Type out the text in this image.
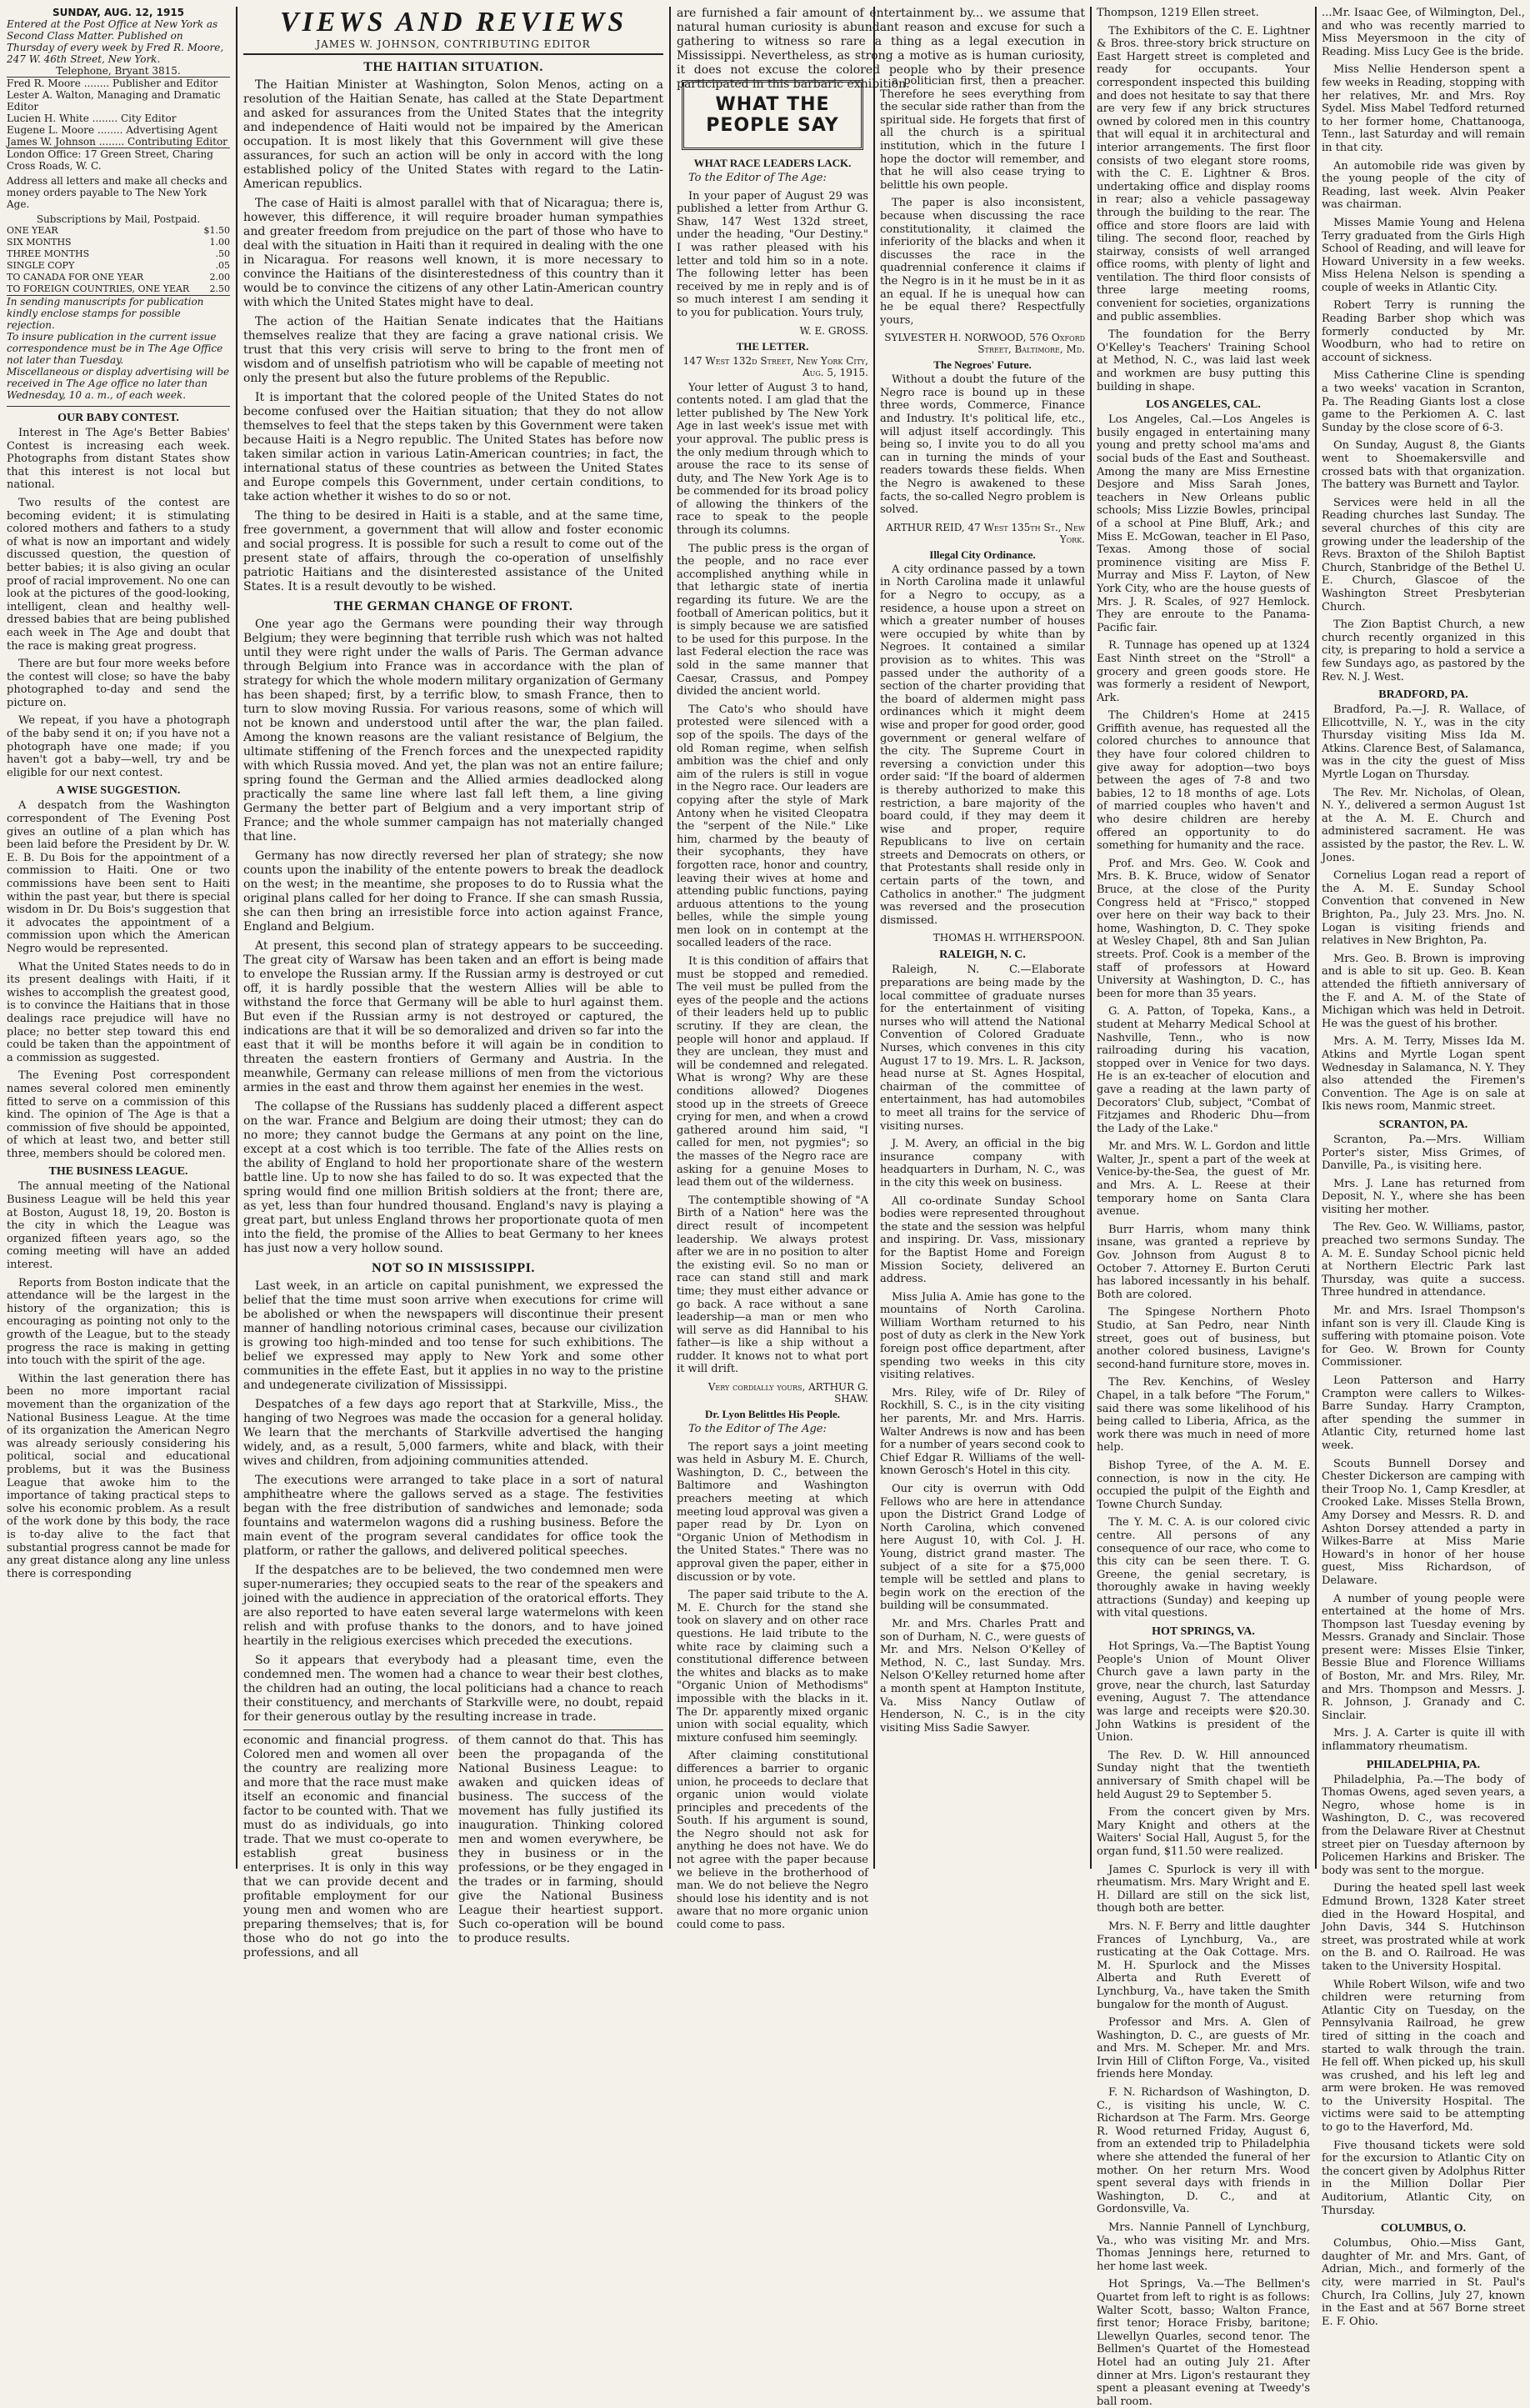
SUNDAY, AUG. 12, 1915
Entered at the Post Office at New York as Second Class Matter. Published on Thursday of every week by Fred R. Moore, 247 W. 46th Street, New York.
Telephone, Bryant 3815.
Fred R. Moore ........ Publisher and Editor
Lester A. Walton, Managing and Dramatic Editor
Lucien H. White ........ City Editor
Eugene L. Moore ........ Advertising Agent
James W. Johnson ........ Contributing Editor
London Office: 17 Green Street, Charing Cross Roads, W. C.
Address all letters and make all checks and money orders payable to The New York Age.
Subscriptions by Mail, Postpaid.
ONE YEAR	$1.50
SIX MONTHS	1.00
THREE MONTHS	.50
SINGLE COPY	.05
TO CANADA FOR ONE YEAR	2.00
TO FOREIGN COUNTRIES, ONE YEAR 2.50
In sending manuscripts for publication kindly enclose stamps for possible rejection.
To insure publication in the current issue correspondence must be in The Age Office not later than Tuesday.
Miscellaneous or display advertising will be received in The Age office no later than Wednesday, 10 a. m., of each week.
OUR BABY CONTEST.

Interest in The Age's Better Babies' Contest is increasing each week. Photographs from distant States show that this interest is not local but national.

Two results of the contest are becoming evident; it is stimulating colored mothers and fathers to a study of what is now an important and widely discussed question, the question of better babies; it is also giving an ocular proof of racial improvement. No one can look at the pictures of the good-looking, intelligent, clean and healthy well-dressed babies that are being published each week in The Age and doubt that the race is making great progress.

There are but four more weeks before the contest will close; so have the baby photographed to-day and send the picture on.

We repeat, if you have a photograph of the baby send it on; if you have not a photograph have one made; if you haven't got a baby—well, try and be eligible for our next contest.

A WISE SUGGESTION.

A despatch from the Washington correspondent of The Evening Post gives an outline of a plan which has been laid before the President by Dr. W. E. B. Du Bois for the appointment of a commission to Haiti. One or two commissions have been sent to Haiti within the past year, but there is special wisdom in Dr. Du Bois's suggestion that it advocates the appointment of a commission upon which the American Negro would be represented.

What the United States needs to do in its present dealings with Haiti, if it wishes to accomplish the greatest good, is to convince the Haitians that in those dealings race prejudice will have no place; no better step toward this end could be taken than the appointment of a commission as suggested.

The Evening Post correspondent names several colored men eminently fitted to serve on a commission of this kind. The opinion of The Age is that a commission of five should be appointed, of which at least two, and better still three, members should be colored men.

THE BUSINESS LEAGUE.

The annual meeting of the National Business League will be held this year at Boston, August 18, 19, 20. Boston is the city in which the League was organized fifteen years ago, so the coming meeting will have an added interest.

Reports from Boston indicate that the attendance will be the largest in the history of the organization; this is encouraging as pointing not only to the growth of the League, but to the steady progress the race is making in getting into touch with the spirit of the age.

Within the last generation there has been no more important racial movement than the organization of the National Business League. At the time of its organization the American Negro was already seriously considering his political, social and educational problems, but it was the Business League that awoke him to the importance of taking practical steps to solve his economic problem. As a result of the work done by this body, the race is to-day alive to the fact that substantial progress cannot be made for any great distance along any line unless there is corresponding

VIEWS AND REVIEWS
JAMES W. JOHNSON, CONTRIBUTING EDITOR
THE HAITIAN SITUATION.

The Haitian Minister at Washington, Solon Menos, acting on a resolution of the Haitian Senate, has called at the State Department and asked for assurances from the United States that the integrity and independence of Haiti would not be impaired by the American occupation. It is most likely that this Government will give these assurances, for such an action will be only in accord with the long established policy of the United States with regard to the Latin-American republics.

The case of Haiti is almost parallel with that of Nicaragua; there is, however, this difference, it will require broader human sympathies and greater freedom from prejudice on the part of those who have to deal with the situation in Haiti than it required in dealing with the one in Nicaragua. For reasons well known, it is more necessary to convince the Haitians of the disinterestedness of this country than it would be to convince the citizens of any other Latin-American country with which the United States might have to deal.

The action of the Haitian Senate indicates that the Haitians themselves realize that they are facing a grave national crisis. We trust that this very crisis will serve to bring to the front men of wisdom and of unselfish patriotism who will be capable of meeting not only the present but also the future problems of the Republic.

It is important that the colored people of the United States do not become confused over the Haitian situation; that they do not allow themselves to feel that the steps taken by this Government were taken because Haiti is a Negro republic. The United States has before now taken similar action in various Latin-American countries; in fact, the international status of these countries as between the United States and Europe compels this Government, under certain conditions, to take action whether it wishes to do so or not.

The thing to be desired in Haiti is a stable, and at the same time, free government, a government that will allow and foster economic and social progress. It is possible for such a result to come out of the present state of affairs, through the co-operation of unselfishly patriotic Haitians and the disinterested assistance of the United States. It is a result devoutly to be wished.

THE GERMAN CHANGE OF FRONT.

One year ago the Germans were pounding their way through Belgium; they were beginning that terrible rush which was not halted until they were right under the walls of Paris. The German advance through Belgium into France was in accordance with the plan of strategy for which the whole modern military organization of Germany has been shaped; first, by a terrific blow, to smash France, then to turn to slow moving Russia. For various reasons, some of which will not be known and understood until after the war, the plan failed. Among the known reasons are the valiant resistance of Belgium, the ultimate stiffening of the French forces and the unexpected rapidity with which Russia moved. And yet, the plan was not an entire failure; spring found the German and the Allied armies deadlocked along practically the same line where last fall left them, a line giving Germany the better part of Belgium and a very important strip of France; and the whole summer campaign has not materially changed that line.

Germany has now directly reversed her plan of strategy; she now counts upon the inability of the entente powers to break the deadlock on the west; in the meantime, she proposes to do to Russia what the original plans called for her doing to France. If she can smash Russia, she can then bring an irresistible force into action against France, England and Belgium.

At present, this second plan of strategy appears to be succeeding. The great city of Warsaw has been taken and an effort is being made to envelope the Russian army. If the Russian army is destroyed or cut off, it is hardly possible that the western Allies will be able to withstand the force that Germany will be able to hurl against them. But even if the Russian army is not destroyed or captured, the indications are that it will be so demoralized and driven so far into the east that it will be months before it will again be in condition to threaten the eastern frontiers of Germany and Austria. In the meanwhile, Germany can release millions of men from the victorious armies in the east and throw them against her enemies in the west.

The collapse of the Russians has suddenly placed a different aspect on the war. France and Belgium are doing their utmost; they can do no more; they cannot budge the Germans at any point on the line, except at a cost which is too terrible. The fate of the Allies rests on the ability of England to hold her proportionate share of the western battle line. Up to now she has failed to do so. It was expected that the spring would find one million British soldiers at the front; there are, as yet, less than four hundred thousand. England's navy is playing a great part, but unless England throws her proportionate quota of men into the field, the promise of the Allies to beat Germany to her knees has just now a very hollow sound.

NOT SO IN MISSISSIPPI.

Last week, in an article on capital punishment, we expressed the belief that the time must soon arrive when executions for crime will be abolished or when the newspapers will discontinue their present manner of handling notorious criminal cases, because our civilization is growing too high-minded and too tense for such exhibitions. The belief we expressed may apply to New York and some other communities in the effete East, but it applies in no way to the pristine and undegenerate civilization of Mississippi.

Despatches of a few days ago report that at Starkville, Miss., the hanging of two Negroes was made the occasion for a general holiday. We learn that the merchants of Starkville advertised the hanging widely, and, as a result, 5,000 farmers, white and black, with their wives and children, from adjoining communities attended.

The executions were arranged to take place in a sort of natural amphitheatre where the gallows served as a stage. The festivities began with the free distribution of sandwiches and lemonade; soda fountains and watermelon wagons did a rushing business. Before the main event of the program several candidates for office took the platform, or rather the gallows, and delivered political speeches.

If the despatches are to be believed, the two condemned men were super-numeraries; they occupied seats to the rear of the speakers and joined with the audience in appreciation of the oratorical efforts. They are also reported to have eaten several large watermelons with keen relish and with profuse thanks to the donors, and to have joined heartily in the religious exercises which preceded the executions.

So it appears that everybody had a pleasant time, even the condemned men. The women had a chance to wear their best clothes, the children had an outing, the local politicians had a chance to reach their constituency, and merchants of Starkville were, no doubt, repaid for their generous outlay by the resulting increase in trade.

economic and financial progress. Colored men and women all over the country are realizing more and more that the race must make itself an economic and financial factor to be counted with. That we must do as individuals, go into trade. That we must co-operate to establish great business enterprises. It is only in this way that we can provide decent and profitable employment for our young men and women who are preparing themselves; that is, for those who do not go into the professions, and all

of them cannot do that. This has been the propaganda of the National Business League: to awaken and quicken ideas of business. The success of the movement has fully justified its inauguration. Thinking colored men and women everywhere, be they in business or in the professions, or be they engaged in the trades or in farming, should give the National Business League their heartiest support. Such co-operation will be bound to produce results.

are furnished a fair amount of entertainment by... we assume that natural human curiosity is abundant reason and excuse for such a gathering to witness so rare a thing as a legal execution in Mississippi. Nevertheless, as strong a motive as is human curiosity, it does not excuse the colored people who by their presence participated in this barbaric exhibition.

WHAT THE PEOPLE SAY
WHAT RACE LEADERS LACK.

To the Editor of The Age:

In your paper of August 29 was published a letter from Arthur G. Shaw, 147 West 132d street, under the heading, "Our Destiny." I was rather pleased with his letter and told him so in a note. The following letter has been received by me in reply and is of so much interest I am sending it to you for publication. Yours truly,

W. E. GROSS.
THE LETTER.
147 West 132d Street, New York City, Aug. 5, 1915.

Your letter of August 3 to hand, contents noted. I am glad that the letter published by The New York Age in last week's issue met with your approval. The public press is the only medium through which to arouse the race to its sense of duty, and The New York Age is to be commended for its broad policy of allowing the thinkers of the race to speak to the people through its columns.

The public press is the organ of the people, and no race ever accomplished anything while in that lethargic state of inertia regarding its future. We are the football of American politics, but it is simply because we are satisfied to be used for this purpose. In the last Federal election the race was sold in the same manner that Caesar, Crassus, and Pompey divided the ancient world.

The Cato's who should have protested were silenced with a sop of the spoils. The days of the old Roman regime, when selfish ambition was the chief and only aim of the rulers is still in vogue in the Negro race. Our leaders are copying after the style of Mark Antony when he visited Cleopatra the "serpent of the Nile." Like him, charmed by the beauty of their sycophants, they have forgotten race, honor and country, leaving their wives at home and attending public functions, paying arduous attentions to the young belles, while the simple young men look on in contempt at the socalled leaders of the race.

It is this condition of affairs that must be stopped and remedied. The veil must be pulled from the eyes of the people and the actions of their leaders held up to public scrutiny. If they are clean, the people will honor and applaud. If they are unclean, they must and will be condemned and relegated. What is wrong? Why are these conditions allowed? Diogenes stood up in the streets of Greece crying for men, and when a crowd gathered around him said, "I called for men, not pygmies"; so the masses of the Negro race are asking for a genuine Moses to lead them out of the wilderness.

The contemptible showing of "A Birth of a Nation" here was the direct result of incompetent leadership. We always protest after we are in no position to alter the existing evil. So no man or race can stand still and mark time; they must either advance or go back. A race without a sane leadership—a man or men who will serve as did Hannibal to his father—is like a ship without a rudder. It knows not to what port it will drift.

Very cordially yours, ARTHUR G. SHAW.
Dr. Lyon Belittles His People.

To the Editor of The Age:

The report says a joint meeting was held in Asbury M. E. Church, Washington, D. C., between the Baltimore and Washington preachers meeting at which meeting loud approval was given a paper read by Dr. Lyon on "Organic Union of Methodism in the United States." There was no approval given the paper, either in discussion or by vote.

The paper said tribute to the A. M. E. Church for the stand she took on slavery and on other race questions. He laid tribute to the white race by claiming such a constitutional difference between the whites and blacks as to make "Organic Union of Methodisms" impossible with the blacks in it. The Dr. apparently mixed organic union with social equality, which mixture confused him seemingly.

After claiming constitutional differences a barrier to organic union, he proceeds to declare that organic union would violate principles and precedents of the South. If his argument is sound, the Negro should not ask for anything he does not have. We do not agree with the paper because we believe in the brotherhood of man. We do not believe the Negro should lose his identity and is not aware that no more organic union could come to pass.

a politician first, then a preacher. Therefore he sees everything from the secular side rather than from the spiritual side. He forgets that first of all the church is a spiritual institution, which in the future I hope the doctor will remember, and that he will also cease trying to belittle his own people.

The paper is also inconsistent, because when discussing the race constitutionality, it claimed the inferiority of the blacks and when it discusses the race in the quadrennial conference it claims if the Negro is in it he must be in it as an equal. If he is unequal how can he be equal there? Respectfully yours,

SYLVESTER H. NORWOOD, 576 Oxford Street, Baltimore, Md.
The Negroes' Future.

Without a doubt the future of the Negro race is bound up in these three words, Commerce, Finance and Industry. It's political life, etc., will adjust itself accordingly. This being so, I invite you to do all you can in turning the minds of your readers towards these fields. When the Negro is awakened to these facts, the so-called Negro problem is solved.

ARTHUR REID, 47 West 135th St., New York.
Illegal City Ordinance.

A city ordinance passed by a town in North Carolina made it unlawful for a Negro to occupy, as a residence, a house upon a street on which a greater number of houses were occupied by white than by Negroes. It contained a similar provision as to whites. This was passed under the authority of a section of the charter providing that the board of aldermen might pass ordinances which it might deem wise and proper for good order, good government or general welfare of the city. The Supreme Court in reversing a conviction under this order said: "If the board of aldermen is thereby authorized to make this restriction, a bare majority of the board could, if they may deem it wise and proper, require Republicans to live on certain streets and Democrats on others, or that Protestants shall reside only in certain parts of the town, and Catholics in another." The judgment was reversed and the prosecution dismissed.

THOMAS H. WITHERSPOON.
RALEIGH, N. C.

Raleigh, N. C.—Elaborate preparations are being made by the local committee of graduate nurses for the entertainment of visiting nurses who will attend the National Convention of Colored Graduate Nurses, which convenes in this city August 17 to 19. Mrs. L. R. Jackson, head nurse at St. Agnes Hospital, chairman of the committee of entertainment, has had automobiles to meet all trains for the service of visiting nurses.

J. M. Avery, an official in the big insurance company with headquarters in Durham, N. C., was in the city this week on business.

All co-ordinate Sunday School bodies were represented throughout the state and the session was helpful and inspiring. Dr. Vass, missionary for the Baptist Home and Foreign Mission Society, delivered an address.

Miss Julia A. Amie has gone to the mountains of North Carolina. William Wortham returned to his post of duty as clerk in the New York foreign post office department, after spending two weeks in this city visiting relatives.

Mrs. Riley, wife of Dr. Riley of Rockhill, S. C., is in the city visiting her parents, Mr. and Mrs. Harris. Walter Andrews is now and has been for a number of years second cook to Chief Edgar R. Williams of the well-known Gerosch's Hotel in this city.

Our city is overrun with Odd Fellows who are here in attendance upon the District Grand Lodge of North Carolina, which convened here August 10, with Col. J. H. Young, district grand master. The subject of a site for a $75,000 temple will be settled and plans to begin work on the erection of the building will be consummated.

Mr. and Mrs. Charles Pratt and son of Durham, N. C., were guests of Mr. and Mrs. Nelson O'Kelley of Method, N. C., last Sunday. Mrs. Nelson O'Kelley returned home after a month spent at Hampton Institute, Va. Miss Nancy Outlaw of Henderson, N. C., is in the city visiting Miss Sadie Sawyer.

Thompson, 1219 Ellen street.

The Exhibitors of the C. E. Lightner & Bros. three-story brick structure on East Hargett street is completed and ready for occupants. Your correspondent inspected this building and does not hesitate to say that there are very few if any brick structures owned by colored men in this country that will equal it in architectural and interior arrangements. The first floor consists of two elegant store rooms, with the C. E. Lightner & Bros. undertaking office and display rooms in rear; also a vehicle passageway through the building to the rear. The office and store floors are laid with tiling. The second floor, reached by stairway, consists of well arranged office rooms, with plenty of light and ventilation. The third floor consists of three large meeting rooms, convenient for societies, organizations and public assemblies.

The foundation for the Berry O'Kelley's Teachers' Training School at Method, N. C., was laid last week and workmen are busy putting this building in shape.

LOS ANGELES, CAL.

Los Angeles, Cal.—Los Angeles is busily engaged in entertaining many young and pretty school ma'ams and social buds of the East and Southeast. Among the many are Miss Ernestine Desjore and Miss Sarah Jones, teachers in New Orleans public schools; Miss Lizzie Bowles, principal of a school at Pine Bluff, Ark.; and Miss E. McGowan, teacher in El Paso, Texas. Among those of social prominence visiting are Miss F. Murray and Miss F. Layton, of New York City, who are the house guests of Mrs. J. R. Scales, of 927 Hemlock. They are enroute to the Panama-Pacific fair.

R. Tunnage has opened up at 1324 East Ninth street on the "Stroll" a grocery and green goods store. He was formerly a resident of Newport, Ark.

The Children's Home at 2415 Griffith avenue, has requested all the colored churches to announce that they have four colored children to give away for adoption—two boys between the ages of 7-8 and two babies, 12 to 18 months of age. Lots of married couples who haven't and who desire children are hereby offered an opportunity to do something for humanity and the race.

Prof. and Mrs. Geo. W. Cook and Mrs. B. K. Bruce, widow of Senator Bruce, at the close of the Purity Congress held at "Frisco," stopped over here on their way back to their home, Washington, D. C. They spoke at Wesley Chapel, 8th and San Julian streets. Prof. Cook is a member of the staff of professors at Howard University at Washington, D. C., has been for more than 35 years.

G. A. Patton, of Topeka, Kans., a student at Meharry Medical School at Nashville, Tenn., who is now railroading during his vacation, stopped over in Venice for two days. He is an ex-teacher of elocution and gave a reading at the lawn party of Decorators' Club, subject, "Combat of Fitzjames and Rhoderic Dhu—from the Lady of the Lake."

Mr. and Mrs. W. L. Gordon and little Walter, Jr., spent a part of the week at Venice-by-the-Sea, the guest of Mr. and Mrs. A. L. Reese at their temporary home on Santa Clara avenue.

Burr Harris, whom many think insane, was granted a reprieve by Gov. Johnson from August 8 to October 7. Attorney E. Burton Ceruti has labored incessantly in his behalf. Both are colored.

The Spingese Northern Photo Studio, at San Pedro, near Ninth street, goes out of business, but another colored business, Lavigne's second-hand furniture store, moves in.

The Rev. Kenchins, of Wesley Chapel, in a talk before "The Forum," said there was some likelihood of his being called to Liberia, Africa, as the work there was much in need of more help.

Bishop Tyree, of the A. M. E. connection, is now in the city. He occupied the pulpit of the Eighth and Towne Church Sunday.

The Y. M. C. A. is our colored civic centre. All persons of any consequence of our race, who come to this city can be seen there. T. G. Greene, the genial secretary, is thoroughly awake in having weekly attractions (Sunday) and keeping up with vital questions.

HOT SPRINGS, VA.

Hot Springs, Va.—The Baptist Young People's Union of Mount Oliver Church gave a lawn party in the grove, near the church, last Saturday evening, August 7. The attendance was large and receipts were $20.30. John Watkins is president of the Union.

The Rev. D. W. Hill announced Sunday night that the twentieth anniversary of Smith chapel will be held August 29 to September 5.

From the concert given by Mrs. Mary Knight and others at the Waiters' Social Hall, August 5, for the organ fund, $11.50 were realized.

James C. Spurlock is very ill with rheumatism. Mrs. Mary Wright and E. H. Dillard are still on the sick list, though both are better.

Mrs. N. F. Berry and little daughter Frances of Lynchburg, Va., are rusticating at the Oak Cottage. Mrs. M. H. Spurlock and the Misses Alberta and Ruth Everett of Lynchburg, Va., have taken the Smith bungalow for the month of August.

Professor and Mrs. A. Glen of Washington, D. C., are guests of Mr. and Mrs. M. Scheper. Mr. and Mrs. Irvin Hill of Clifton Forge, Va., visited friends here Monday.

F. N. Richardson of Washington, D. C., is visiting his uncle, W. C. Richardson at The Farm. Mrs. George R. Wood returned Friday, August 6, from an extended trip to Philadelphia where she attended the funeral of her mother. On her return Mrs. Wood spent several days with friends in Washington, D. C., and at Gordonsville, Va.

Mrs. Nannie Pannell of Lynchburg, Va., who was visiting Mr. and Mrs. Thomas Jennings here, returned to her home last week.

Hot Springs, Va.—The Bellmen's Quartet from left to right is as follows: Walter Scott, basso; Walton France, first tenor; Horace Frisby, baritone; Llewellyn Quarles, second tenor. The Bellmen's Quartet of the Homestead Hotel had an outing July 21. After dinner at Mrs. Ligon's restaurant they spent a pleasant evening at Tweedy's ball room.

...Mr. Isaac Gee, of Wilmington, Del., and who was recently married to Miss Meyersmoon in the city of Reading. Miss Lucy Gee is the bride.

Miss Nellie Henderson spent a few weeks in Reading, stopping with her relatives, Mr. and Mrs. Roy Sydel. Miss Mabel Tedford returned to her former home, Chattanooga, Tenn., last Saturday and will remain in that city.

An automobile ride was given by the young people of the city of Reading, last week. Alvin Peaker was chairman.

Misses Mamie Young and Helena Terry graduated from the Girls High School of Reading, and will leave for Howard University in a few weeks. Miss Helena Nelson is spending a couple of weeks in Atlantic City.

Robert Terry is running the Reading Barber shop which was formerly conducted by Mr. Woodburn, who had to retire on account of sickness.

Miss Catherine Cline is spending a two weeks' vacation in Scranton, Pa. The Reading Giants lost a close game to the Perkiomen A. C. last Sunday by the close score of 6-3.

On Sunday, August 8, the Giants went to Shoemakersville and crossed bats with that organization. The battery was Burnett and Taylor.

Services were held in all the Reading churches last Sunday. The several churches of this city are growing under the leadership of the Revs. Braxton of the Shiloh Baptist Church, Stanbridge of the Bethel U. E. Church, Glascoe of the Washington Street Presbyterian Church.

The Zion Baptist Church, a new church recently organized in this city, is preparing to hold a service a few Sundays ago, as pastored by the Rev. N. J. West.

BRADFORD, PA.

Bradford, Pa.—J. R. Wallace, of Ellicottville, N. Y., was in the city Thursday visiting Miss Ida M. Atkins. Clarence Best, of Salamanca, was in the city the guest of Miss Myrtle Logan on Thursday.

The Rev. Mr. Nicholas, of Olean, N. Y., delivered a sermon August 1st at the A. M. E. Church and administered sacrament. He was assisted by the pastor, the Rev. L. W. Jones.

Cornelius Logan read a report of the A. M. E. Sunday School Convention that convened in New Brighton, Pa., July 23. Mrs. Jno. N. Logan is visiting friends and relatives in New Brighton, Pa.

Mrs. Geo. B. Brown is improving and is able to sit up. Geo. B. Kean attended the fiftieth anniversary of the F. and A. M. of the State of Michigan which was held in Detroit. He was the guest of his brother.

Mrs. A. M. Terry, Misses Ida M. Atkins and Myrtle Logan spent Wednesday in Salamanca, N. Y. They also attended the Firemen's Convention. The Age is on sale at Ikis news room, Manmic street.

SCRANTON, PA.

Scranton, Pa.—Mrs. William Porter's sister, Miss Grimes, of Danville, Pa., is visiting here.

Mrs. J. Lane has returned from Deposit, N. Y., where she has been visiting her mother.

The Rev. Geo. W. Williams, pastor, preached two sermons Sunday. The A. M. E. Sunday School picnic held at Northern Electric Park last Thursday, was quite a success. Three hundred in attendance.

Mr. and Mrs. Israel Thompson's infant son is very ill. Claude King is suffering with ptomaine poison. Vote for Geo. W. Brown for County Commissioner.

Leon Patterson and Harry Crampton were callers to Wilkes-Barre Sunday. Harry Crampton, after spending the summer in Atlantic City, returned home last week.

Scouts Bunnell Dorsey and Chester Dickerson are camping with their Troop No. 1, Camp Kresdler, at Crooked Lake. Misses Stella Brown, Amy Dorsey and Messrs. R. D. and Ashton Dorsey attended a party in Wilkes-Barre at Miss Marie Howard's in honor of her house guest, Miss Richardson, of Delaware.

A number of young people were entertained at the home of Mrs. Thompson last Tuesday evening by Messrs. Granady and Sinclair. Those present were: Misses Elsie Tinker, Bessie Blue and Florence Williams of Boston, Mr. and Mrs. Riley, Mr. and Mrs. Thompson and Messrs. J. R. Johnson, J. Granady and C. Sinclair.

Mrs. J. A. Carter is quite ill with inflammatory rheumatism.

PHILADELPHIA, PA.

Philadelphia, Pa.—The body of Thomas Owens, aged seven years, a Negro, whose home is in Washington, D. C., was recovered from the Delaware River at Chestnut street pier on Tuesday afternoon by Policemen Harkins and Brisker. The body was sent to the morgue.

During the heated spell last week Edmund Brown, 1328 Kater street died in the Howard Hospital, and John Davis, 344 S. Hutchinson street, was prostrated while at work on the B. and O. Railroad. He was taken to the University Hospital.

While Robert Wilson, wife and two children were returning from Atlantic City on Tuesday, on the Pennsylvania Railroad, he grew tired of sitting in the coach and started to walk through the train. He fell off. When picked up, his skull was crushed, and his left leg and arm were broken. He was removed to the University Hospital. The victims were said to be attempting to go to the Haverford, Md.

Five thousand tickets were sold for the excursion to Atlantic City on the concert given by Adolphus Ritter in the Million Dollar Pier Auditorium, Atlantic City, on Thursday.

COLUMBUS, O.

Columbus, Ohio.—Miss Gant, daughter of Mr. and Mrs. Gant, of Adrian, Mich., and formerly of the city, were married in St. Paul's Church, Ira Collins, July 27, known in the East and at 567 Borne street E. F. Ohio.
